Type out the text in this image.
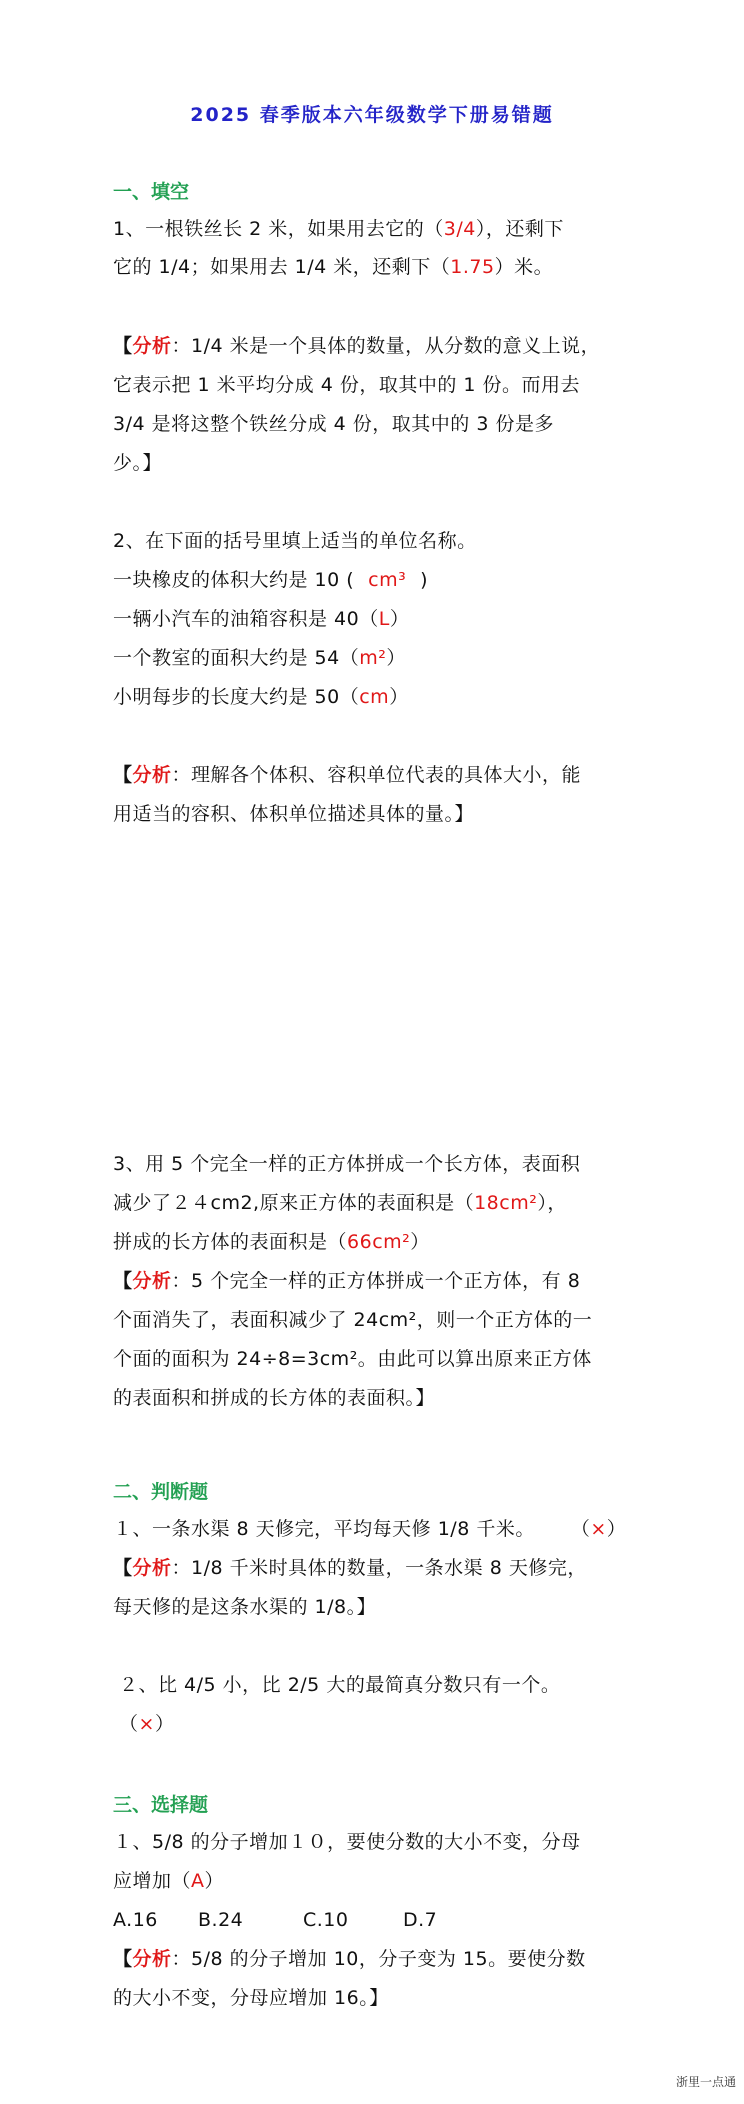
2025 春季版本六年级数学下册易错题
一、填空
1、一根铁丝长 2 米，如果用去它的（3/4），还剩下
它的 1/4；如果用去 1/4 米，还剩下（1.75）米。
【分析：1/4 米是一个具体的数量，从分数的意义上说，
它表示把 1 米平均分成 4 份，取其中的 1 份。而用去
3/4 是将这整个铁丝分成 4 份，取其中的 3 份是多
少。】
2、在下面的括号里填上适当的单位名称。
一块橡皮的体积大约是 10 ( cm³ )
一辆小汽车的油箱容积是 40（L）
一个教室的面积大约是 54（m²）
小明每步的长度大约是 50（cm）
【分析：理解各个体积、容积单位代表的具体大小，能
用适当的容积、体积单位描述具体的量。】
3、用 5 个完全一样的正方体拼成一个长方体，表面积
减少了２４cm2,原来正方体的表面积是（18cm²），
拼成的长方体的表面积是（66cm²）
【分析：5 个完全一样的正方体拼成一个正方体，有 8
个面消失了，表面积减少了 24cm²，则一个正方体的一
个面的面积为 24÷8=3cm²。由此可以算出原来正方体
的表面积和拼成的长方体的表面积。】
二、判断题
１、一条水渠 8 天修完，平均每天修 1/8 千米。 （×）
【分析：1/8 千米时具体的数量，一条水渠 8 天修完，
每天修的是这条水渠的 1/8。】
２、比 4/5 小，比 2/5 大的最简真分数只有一个。
（×）
三、选择题
１、5/8 的分子增加１０，要使分数的大小不变，分母
应增加（A）
A.16 B.24	C.10	D.7
【分析：5/8 的分子增加 10，分子变为 15。要使分数
的大小不变，分母应增加 16。】
浙里一点通
